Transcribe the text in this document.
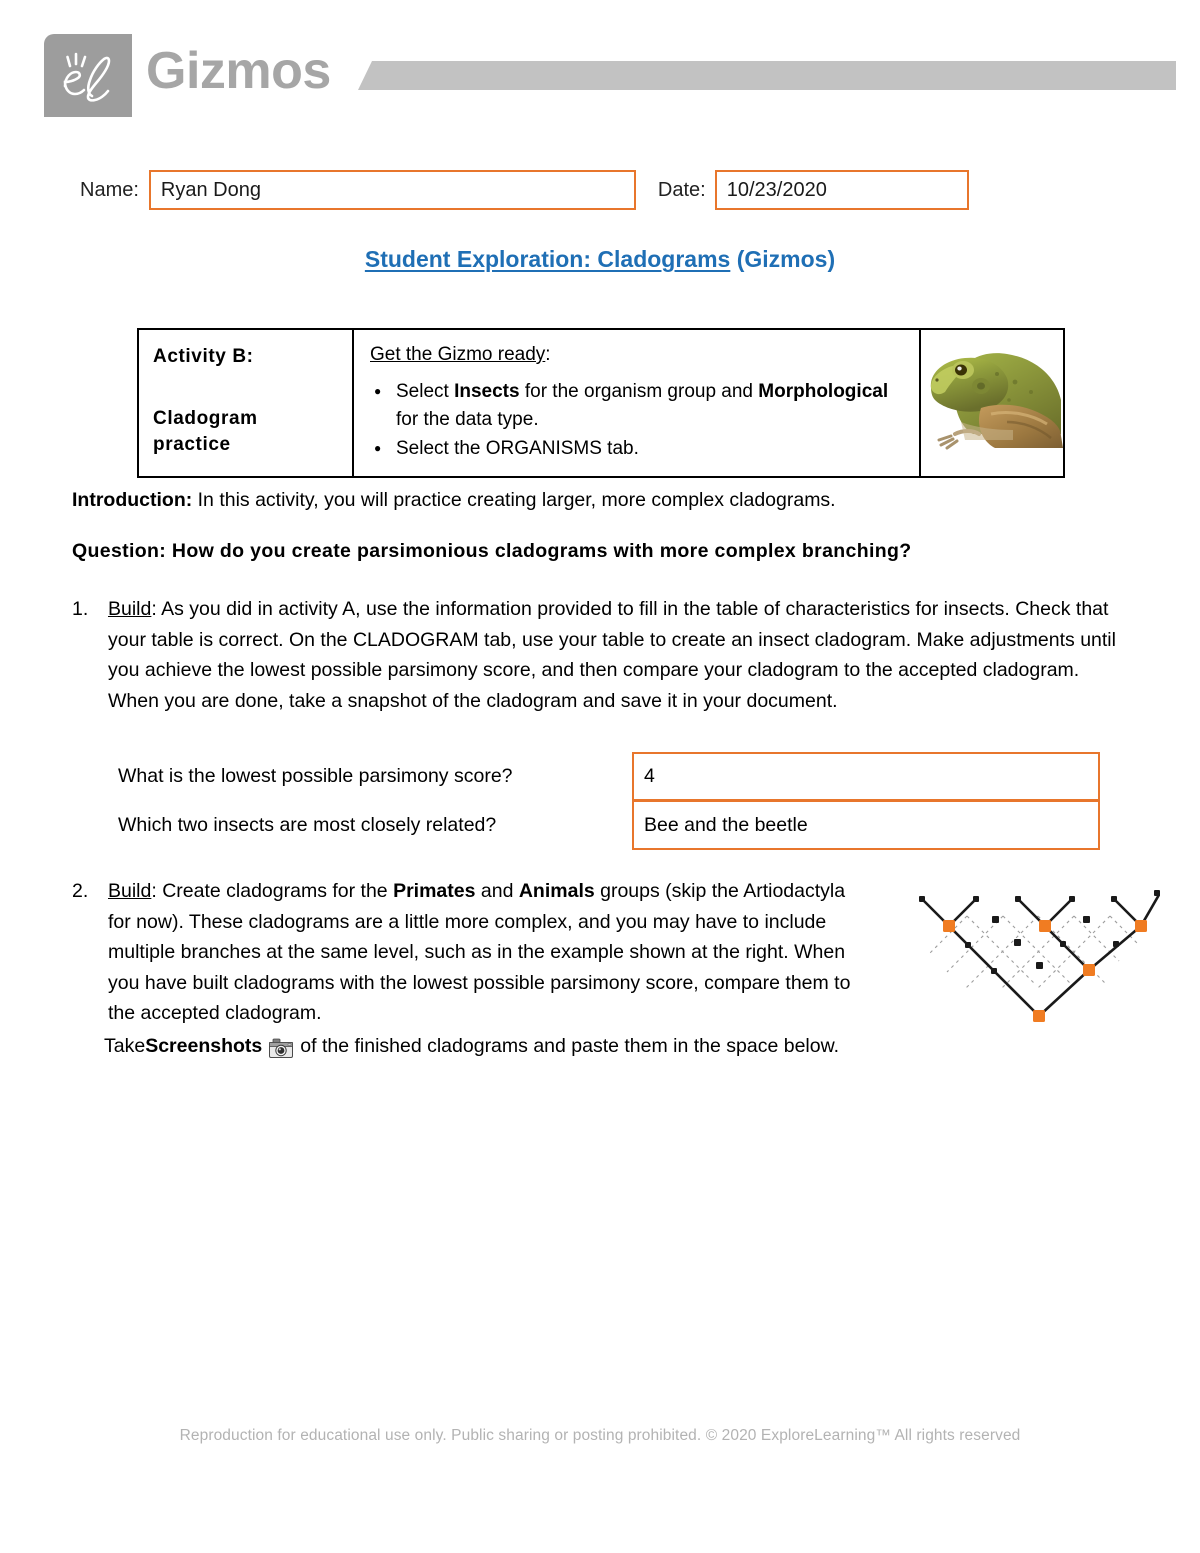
Gizmos
Name:	Ryan Dong	Date:	10/23/2020
Student Exploration: Cladograms (Gizmos)
Activity B:
Cladogram practice
Get the Gizmo ready:
● Select Insects for the organism group and Morphological for the data type.
● Select the ORGANISMS tab.
Introduction: In this activity, you will practice creating larger, more complex cladograms.
Question: How do you create parsimonious cladograms with more complex branching?
1.	Build: As you did in activity A, use the information provided to fill in the table of characteristics for insects. Check that your table is correct. On the CLADOGRAM tab, use your table to create an insect cladogram. Make adjustments until you achieve the lowest possible parsimony score, and then compare your cladogram to the accepted cladogram. When you are done, take a snapshot of the cladogram and save it in your document.
What is the lowest possible parsimony score?	4
Which two insects are most closely related?	Bee and the beetle
2.	Build: Create cladograms for the Primates and Animals groups (skip the Artiodactyla for now). These cladograms are a little more complex, and you may have to include multiple branches at the same level, such as in the example shown at the right. When you have built cladograms with the lowest possible parsimony score, compare them to the accepted cladogram.
Take Screenshots of the finished cladograms and paste them in the space below.
Reproduction for educational use only. Public sharing or posting prohibited. © 2020 ExploreLearning™ All rights reserved
